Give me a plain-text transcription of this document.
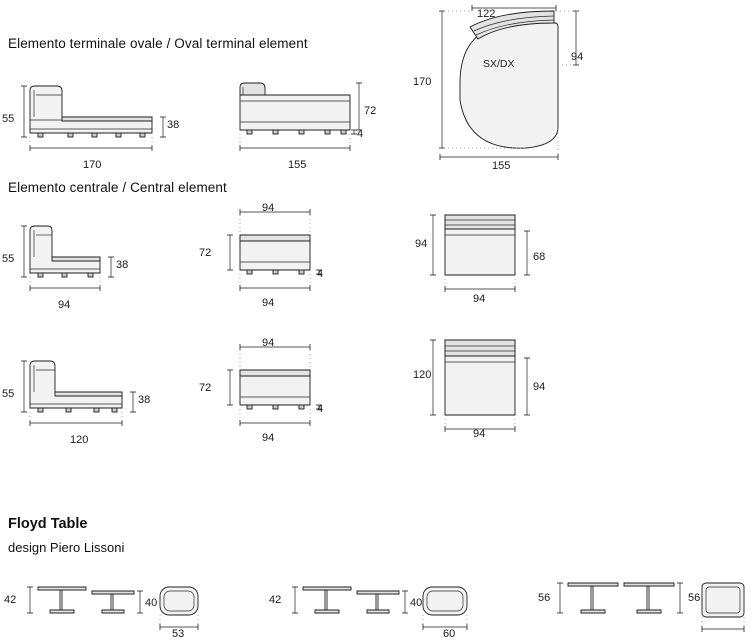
Elemento terminale ovale / Oval terminal element
55	38
170
72
4
155
122
170
94
155
SX/DX
Elemento centrale / Central element
55	38
94
94
72
4
94
94
68
94
55	38
120
94
72
4
94
120
94
94
Floyd Table
design Piero Lissoni
42	40
53
42	40
60
56	56
